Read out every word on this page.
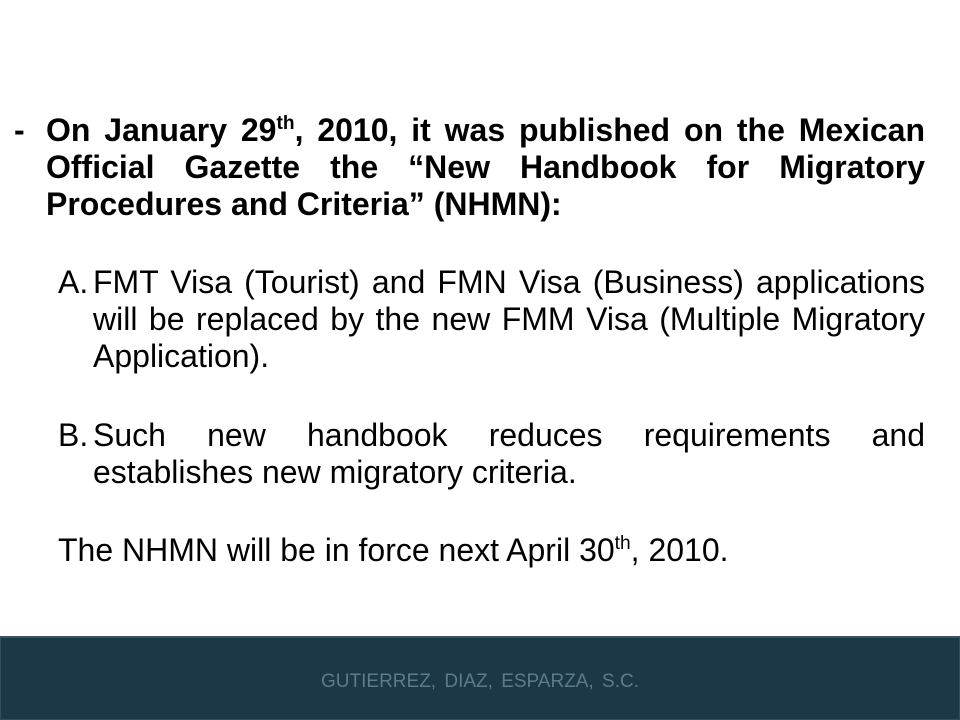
- On January 29th, 2010, it was published on the Mexican
Official Gazette the “New Handbook for Migratory
Procedures and Criteria” (NHMN):
A. FMT Visa (Tourist) and FMN Visa (Business) applications
will be replaced by the new FMM Visa (Multiple Migratory
Application).
B. Such new handbook reduces requirements and
establishes new migratory criteria.
The NHMN will be in force next April 30th, 2010.
GUTIERREZ, DIAZ, ESPARZA, S.C.
